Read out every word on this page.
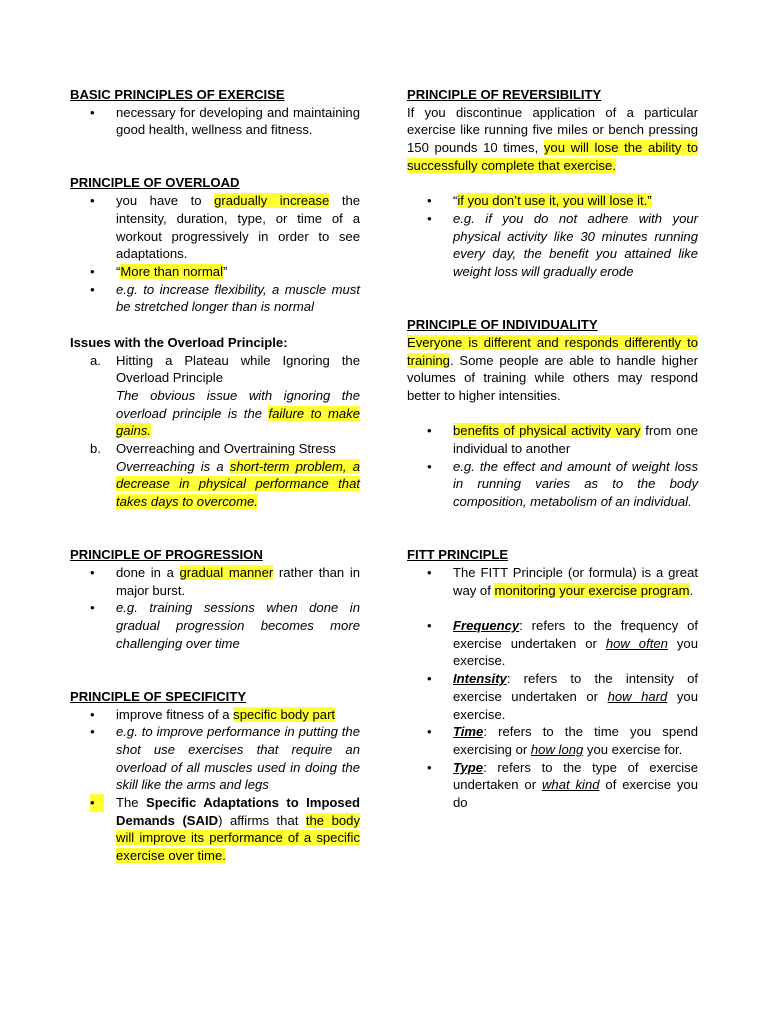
BASIC PRINCIPLES OF EXERCISE

•	necessary for developing and maintaining good health, wellness and fitness.

PRINCIPLE OF OVERLOAD

•	you have to gradually increase the intensity, duration, type, or time of a workout progressively in order to see adaptations.
•	“More than normal”
•	e.g. to increase flexibility, a muscle must be stretched longer than is normal

Issues with the Overload Principle:

a. Hitting a Plateau while Ignoring the Overload Principle
The obvious issue with ignoring the overload principle is the failure to make gains.
b. Overreaching and Overtraining Stress
Overreaching is a short-term problem, a decrease in physical performance that takes days to overcome.

PRINCIPLE OF PROGRESSION

•	done in a gradual manner rather than in major burst.
•	e.g. training sessions when done in gradual progression becomes more challenging over time

PRINCIPLE OF SPECIFICITY

•	improve fitness of a specific body part
•	e.g. to improve performance in putting the shot use exercises that require an overload of all muscles used in doing the skill like the arms and legs
•	The Specific Adaptations to Imposed Demands (SAID) affirms that the body will improve its performance of a specific exercise over time.

PRINCIPLE OF REVERSIBILITY

If you discontinue application of a particular exercise like running five miles or bench pressing 150 pounds 10 times, you will lose the ability to successfully complete that exercise.

•	“if you don’t use it, you will lose it.”
•	e.g. if you do not adhere with your physical activity like 30 minutes running every day, the benefit you attained like weight loss will gradually erode

PRINCIPLE OF INDIVIDUALITY

Everyone is different and responds differently to training. Some people are able to handle higher volumes of training while others may respond better to higher intensities.

•	benefits of physical activity vary from one individual to another
•	e.g. the effect and amount of weight loss in running varies as to the body composition, metabolism of an individual.

FITT PRINCIPLE

•	The FITT Principle (or formula) is a great way of monitoring your exercise program.
•	Frequency: refers to the frequency of exercise undertaken or how often you exercise.
•	Intensity: refers to the intensity of exercise undertaken or how hard you exercise.
•	Time: refers to the time you spend exercising or how long you exercise for.
•	Type: refers to the type of exercise undertaken or what kind of exercise you do
